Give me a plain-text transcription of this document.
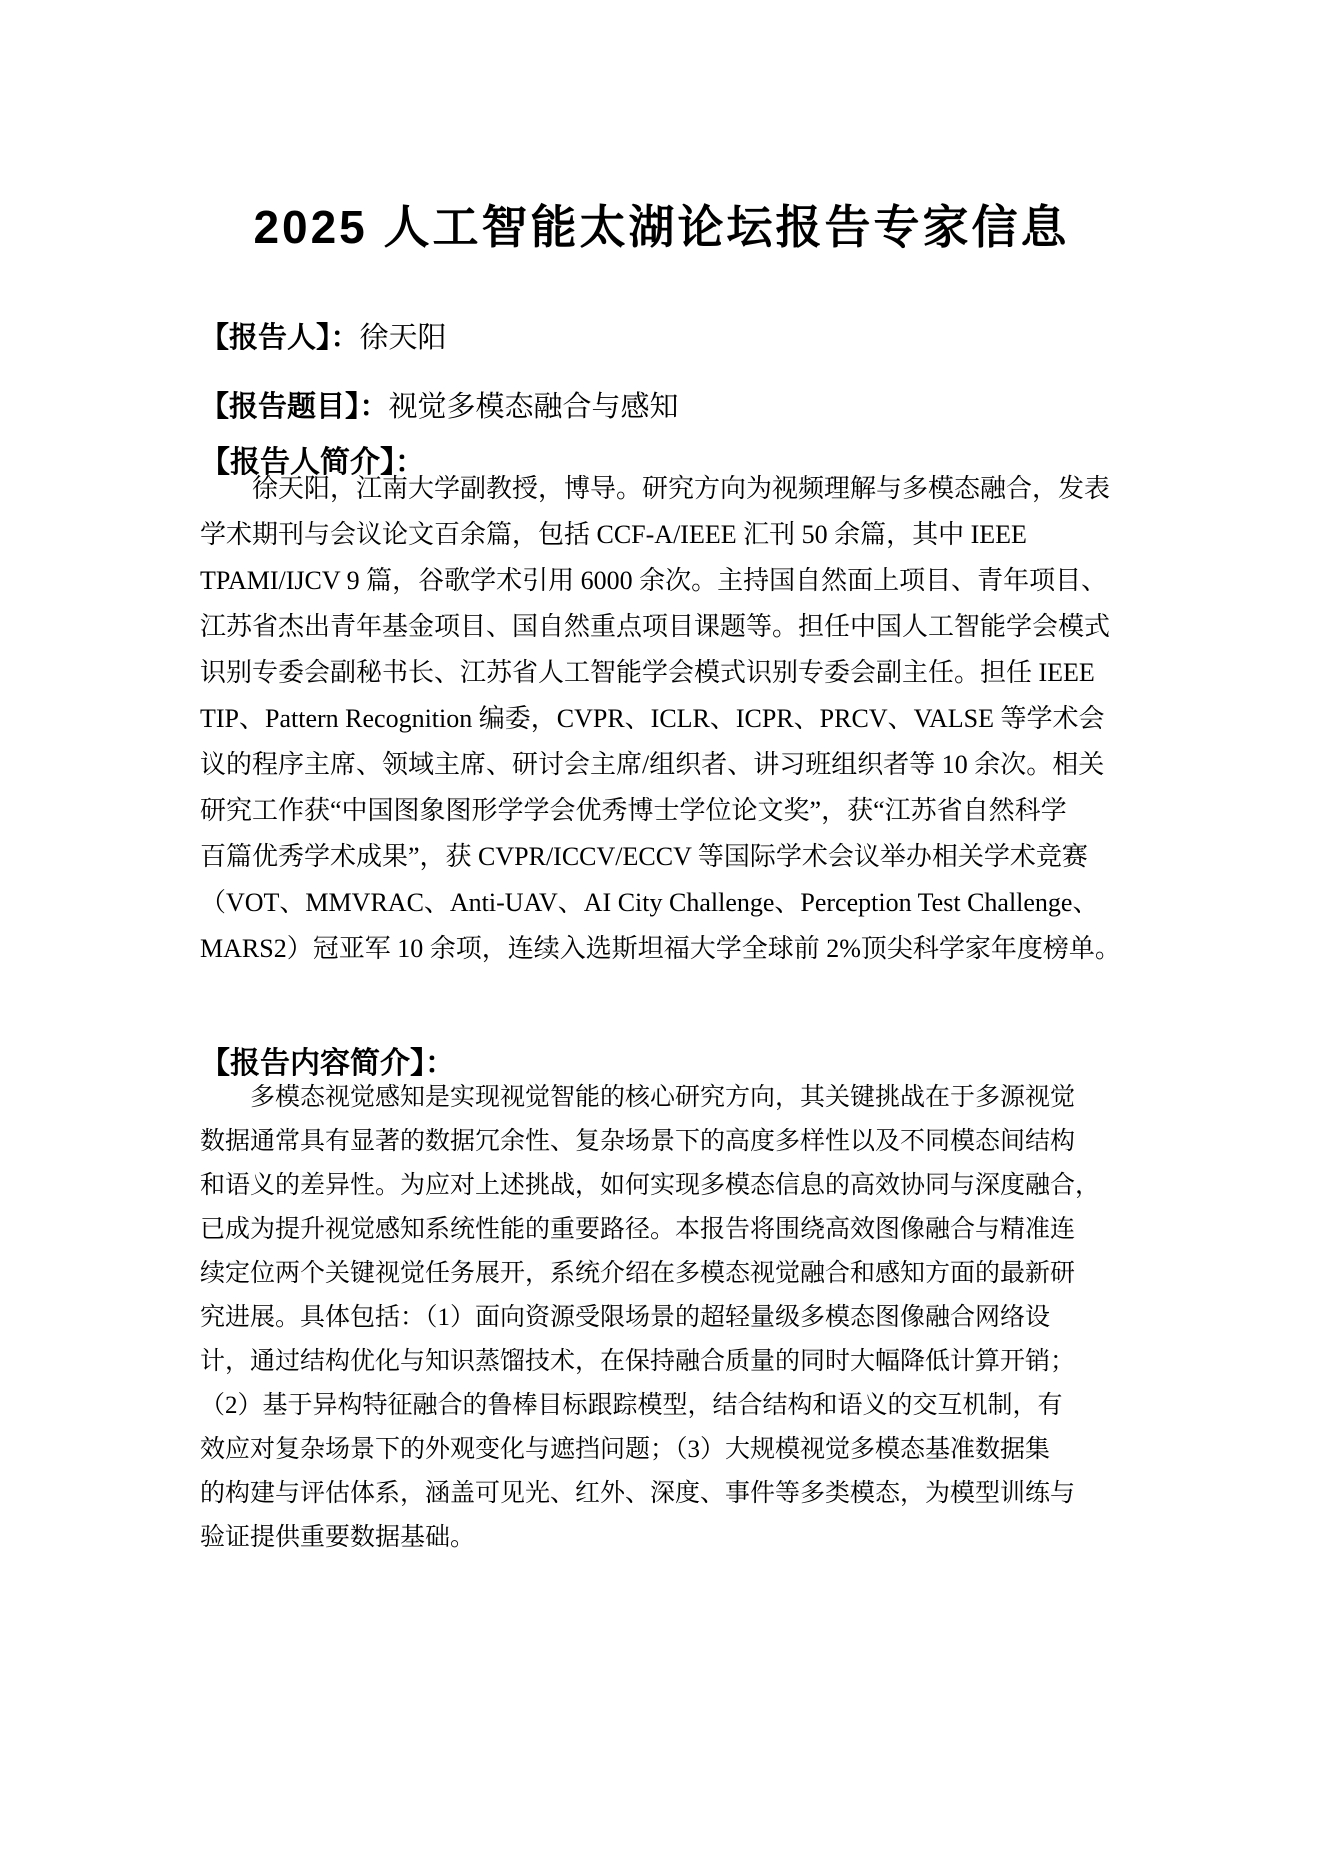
2025 人工智能太湖论坛报告专家信息
【报告人】：徐天阳
【报告题目】：视觉多模态融合与感知
【报告人简介】：
徐天阳，江南大学副教授，博导。研究方向为视频理解与多模态融合，发表
学术期刊与会议论文百余篇，包括 CCF-A/IEEE 汇刊 50 余篇，其中 IEEE
TPAMI/IJCV 9 篇，谷歌学术引用 6000 余次。主持国自然面上项目、青年项目、
江苏省杰出青年基金项目、国自然重点项目课题等。担任中国人工智能学会模式
识别专委会副秘书长、江苏省人工智能学会模式识别专委会副主任。担任 IEEE
TIP、Pattern Recognition 编委，CVPR、ICLR、ICPR、PRCV、VALSE 等学术会
议的程序主席、领域主席、研讨会主席/组织者、讲习班组织者等 10 余次。相关
研究工作获“中国图象图形学学会优秀博士学位论文奖”，获“江苏省自然科学
百篇优秀学术成果”，获 CVPR/ICCV/ECCV 等国际学术会议举办相关学术竞赛
（VOT、MMVRAC、Anti-UAV、AI City Challenge、Perception Test Challenge、
MARS2）冠亚军 10 余项，连续入选斯坦福大学全球前 2%顶尖科学家年度榜单。
【报告内容简介】：
多模态视觉感知是实现视觉智能的核心研究方向，其关键挑战在于多源视觉
数据通常具有显著的数据冗余性、复杂场景下的高度多样性以及不同模态间结构
和语义的差异性。为应对上述挑战，如何实现多模态信息的高效协同与深度融合，
已成为提升视觉感知系统性能的重要路径。本报告将围绕高效图像融合与精准连
续定位两个关键视觉任务展开，系统介绍在多模态视觉融合和感知方面的最新研
究进展。具体包括：（1）面向资源受限场景的超轻量级多模态图像融合网络设
计，通过结构优化与知识蒸馏技术，在保持融合质量的同时大幅降低计算开销；
（2）基于异构特征融合的鲁棒目标跟踪模型，结合结构和语义的交互机制，有
效应对复杂场景下的外观变化与遮挡问题；（3）大规模视觉多模态基准数据集
的构建与评估体系，涵盖可见光、红外、深度、事件等多类模态，为模型训练与
验证提供重要数据基础。
